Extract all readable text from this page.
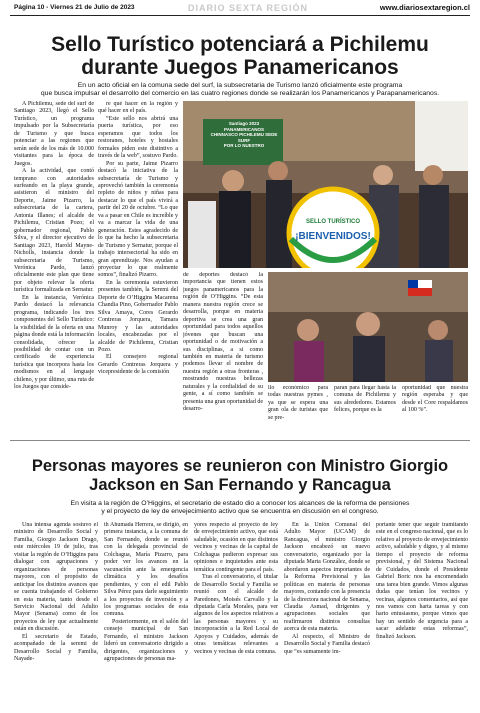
Página 10 - Viernes 21 de Julio de 2023	DIARIO SEXTA REGIÓN	www.diariosextaregion.cl
Sello Turístico potenciará a Pichilemu
durante Juegos Panamericanos
En un acto oficial en la comuna sede del surf, la subsecretaria de Turismo lanzó oficialmente este programa
que busca impulsar el desarrollo del comercio en las cuatro regiones donde se realizarán los Panamericanos y Parapanamericanos.

A Pichilemu, sede del surf de Santiago 2023, llegó el Sello Turístico, un programa impulsado por la Subsecretaría de Turismo y que busca potenciar a las regiones que serán sede de los más de 10.000 visitantes para la época de Juegos.

A la actividad, que contó temprano con autoridades surfeando en la playa grande, asistieron el ministro del Deporte, Jaime Pizarro, la subsecretaria de la cartera, Antonia Illanes; el alcalde de Pichilemu, Cristian Pozo; el gobernador regional, Pablo Silva, y el director ejecutivo de Santiago 2023, Harold Mayne-Nicholls, instancia donde la subsecretaria de Turismo, Verónica Pardo, lanzó oficialmente este plan que tiene por objeto relevar la oferta turística formalizada en Sernatur.

En la instancia, Verónica Pardo destacó la relevancia programa, indicando los tres componentes del Sello Turístico: la visibilidad de la oferta en una página donde está la información consolidada, ofrecer la posibilidad de contar con un certificado de experiencia turística que incorpora hasta los modismos en al lenguaje chileno, y por último, una ruta de los Juegos que conside-

re qué hacer en la región y qué hacer en el país.

“Este sello nos abrirá una puerta turística, por eso esperamos que todos los restoranes, hoteles y hostales formales piden este distintivo a través de la web”, sostuvo Pardo.

Por su parte, Jaime Pizarro destacó la iniciativa de la subsecretaría de Turismo y aprovechó también la ceremonia repleto de niños y niñas para destacar lo que el país vivirá a partir del 20 de octubre. “Lo que va a pasar en Chile es increíble y va a marcar la vida de una generación. Estes agradecido de lo que ha hecho la subsecretaria de Turismo y Sernatur, porque el trabajo intersectorial ha sido en gran aprendizaje. Nos ayudan a proyectar lo que realmente somos”, finalizó Pizarro.

En la ceremonia estuvieron presentes también, la Seremi del Deporte de O’Higgins Macarena Chandia Pino, Gobernador Pablo Silva Amaya, Cores Gerardo Contreras Jorquera, Tamara Munroy y las autoridades locales, encabezadas por el alcalde de Pichilemu, Cristian Pozo.

El consejero regional Gerardo Contreras Jorquera y vicepresidente de la comisión

Santiago 2023
PANAMERICANOS
CHINNASCO PICHILEMU SEDE SURF
POR LO NUESTRO
SELLO TURÍSTICO
¡BIENVENIDOS!

de deportes destacó la importancia que tienen estos juegos panamericanos para la región de O’Higgins. “De esta manera nuestra región crece se desarrolla, porque en materia deportiva se crea una gran oportunidad para todos aquellos jóvenes que buscan una oportunidad o de motivación a sus disciplinas, a si como también en materia de turismo podemos llevar el nombre de nuestra región a otras fronteras , mostrando nuestras bellezas naturales y la cordialidad de su gente, a sí como también se presenta una gran oportunidad de desarro-

llo económico para todas nuestras pymes , ya que se espera una gran ola de turistas que se pre-

paran para llegar hasta la comuna de Pichilemu y sus alrededores. Estamos felices, porque es la

oportunidad que nuestra región esperaba y que desde el Core respaldamos al 100 %”.

Personas mayores se reunieron con Ministro Giorgio
Jackson en San Fernando y Rancagua
En visita a la región de O’Higgins, el secretario de estado dio a conocer los alcances de la reforma de pensiones
y el proyecto de ley de envejecimiento activo que se encuentra en discusión en el congreso.

Una intensa agenda sostuvo el ministro de Desarrollo Social y Familia, Giorgio Jackson Drago, este miércoles 19 de julio, tras visitar la región de O’Higgins para dialogar con agrupaciones y organizaciones de personas mayores, con el propósito de anticipar los distintos avances que se cuenta trabajando el Gobierno en esta materia, tanto desde el Servicio Nacional del Adulto Mayor (Senama) como de los proyectos de ley que actualmente están en discusión.

El secretario de Estado, acompañado de la seremi de Desarrollo Social y Familia, Nayade-

th Ahumada Herrera, se dirigió, en primera instancia, a la comuna de San Fernando, donde se reunió con la delegada provincial de Colchagua, María Pizarro, para poder ver los avances en la vacunación ante la emergencia climática y los desafíos pendientes, y con el edil Pablo Silva Pérez para darle seguimiento a los proyectos de inversión y a los programas sociales de esta comuna.

Posteriormente, en el salón del consejo municipal de San Fernando, el ministro Jackson lideró un conversatorio dirigido a dirigentes, organizaciones y agrupaciones de personas ma-

yores respecto al proyecto de ley de envejecimiento activo, que está saludable, ocasión en que distintos vecinos y vecinas de la capital de Colchagua pudieron expresar sus opiniones e inquietudes ante esta temática contingente para el país.

Tras el conversatorio, el titular de Desarrollo Social y Familia se reunió con el alcalde de Paredones, Moisés Carvallo y la diputada Carla Morales, para ver algunos de los aspectos relativos a las personas mayores y su incorporación a la Red Local de Apoyos y Cuidados, además de otras temáticas relevantes a vecinos y vecinas de esta comuna.

En la Unión Comunal del Adulto Mayor (UCAM) de Rancagua, el ministro Giorgio Jackson encabezó un nuevo conversatorio, organizado por la diputada Marta González, donde se abordaron aspectos importantes de la Reforma Previsional y las políticas en materia de personas mayores, contando con la presencia de la directora nacional de Senama, Claudia Asmad, dirigentes y agrupaciones sociales que reafirmaron distintos consultas acerca de esta materia.

Al respecto, el Ministro de Desarrollo Social y Familia destacó que “es sumamente im-

portante tener que seguir tramitando este en el congreso nacional, que es lo relativo al proyecto de envejecimiento activo, saludable y digno, y al mismo tiempo el proyecto de reforma previsional, y del Sistema Nacional de Cuidados, donde el Presidente Gabriel Boric nos ha encomendado una tarea bien grande. Vimos algunas dudas que tenían los vecinos y vecinas, algunos comentarios, así que nos vamos con harta tareas y con harto entusiasmo, porque vimos que hay un sentido de urgencia para a sacar adelante estas reformas”, finalizó Jackson.
